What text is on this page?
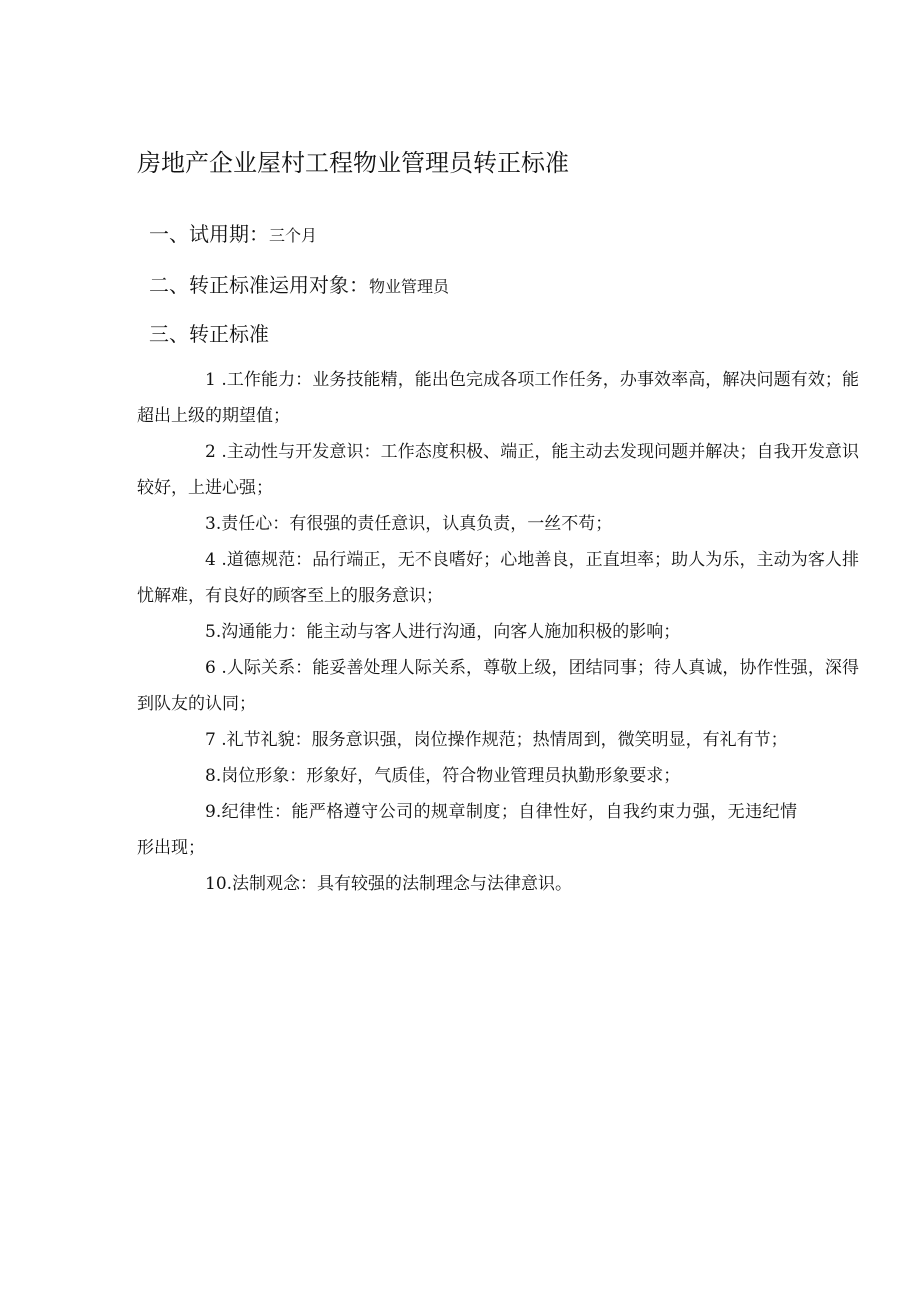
房地产企业屋村工程物业管理员转正标准
一、试用期：三个月
二、转正标准运用对象：物业管理员
三、转正标准

1 .工作能力：业务技能精，能出色完成各项工作任务，办事效率高，解决问题有效；能超出上级的期望值；

2 .主动性与开发意识：工作态度积极、端正，能主动去发现问题并解决；自我开发意识较好，上进心强；

3.责任心：有很强的责任意识，认真负责，一丝不苟；

4 .道德规范：品行端正，无不良嗜好；心地善良，正直坦率；助人为乐，主动为客人排忧解难，有良好的顾客至上的服务意识；

5.沟通能力：能主动与客人进行沟通，向客人施加积极的影响；

6 .人际关系：能妥善处理人际关系，尊敬上级，团结同事；待人真诚，协作性强，深得到队友的认同；

7 .礼节礼貌：服务意识强，岗位操作规范；热情周到，微笑明显，有礼有节；

8.岗位形象：形象好，气质佳，符合物业管理员执勤形象要求；

9.纪律性：能严格遵守公司的规章制度；自律性好，自我约束力强，无违纪情形出现；

10.法制观念：具有较强的法制理念与法律意识。
